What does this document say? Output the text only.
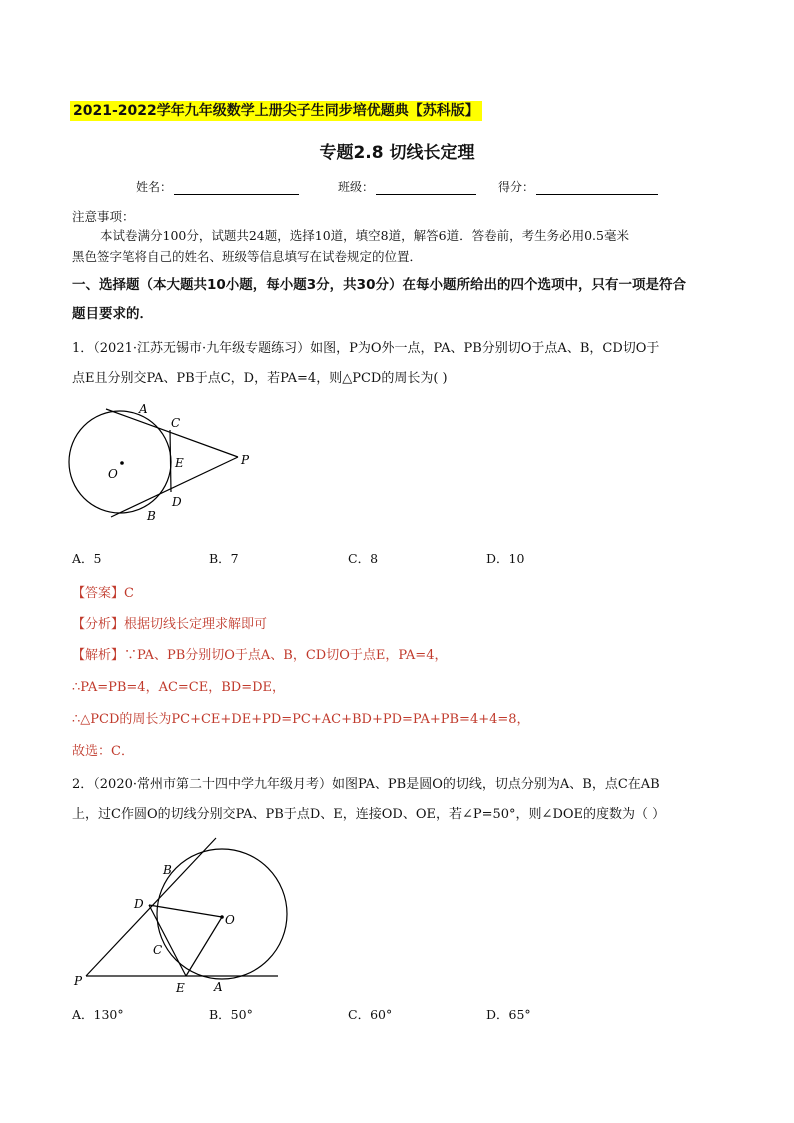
2021-2022学年九年级数学上册尖子生同步培优题典【苏科版】
专题2.8 切线长定理
姓名：	班级：	得分：
注意事项：
本试卷满分100分，试题共24题，选择10道，填空8道，解答6道．答卷前，考生务必用0.5毫米
黑色签字笔将自己的姓名、班级等信息填写在试卷规定的位置．
一、选择题（本大题共10小题，每小题3分，共30分）在每小题所给出的四个选项中，只有一项是符合
题目要求的．
1．（2021·江苏无锡市·九年级专题练习）如图，P为O外一点，PA、PB分别切O于点A、B，CD切O于
点E且分别交PA、PB于点C，D，若PA=4，则△PCD的周长为( )
A
C
E	P
D
B
O
A．5	B．7	C．8	D．10
【答案】C
【分析】根据切线长定理求解即可
【解析】∵PA、PB分别切O于点A、B，CD切O于点E，PA=4，
∴PA=PB=4，AC=CE，BD=DE，
∴△PCD的周长为PC+CE+DE+PD=PC+AC+BD+PD=PA+PB=4+4=8，
故选：C．
2．（2020·常州市第二十四中学九年级月考）如图PA、PB是圆O的切线，切点分别为A、B，点C在AB
上，过C作圆O的切线分别交PA、PB于点D、E，连接OD、OE，若∠P=50°，则∠DOE的度数为（ ）
B
D
O
C
P	E A
A．130°	B．50°	C．60°	D．65°
